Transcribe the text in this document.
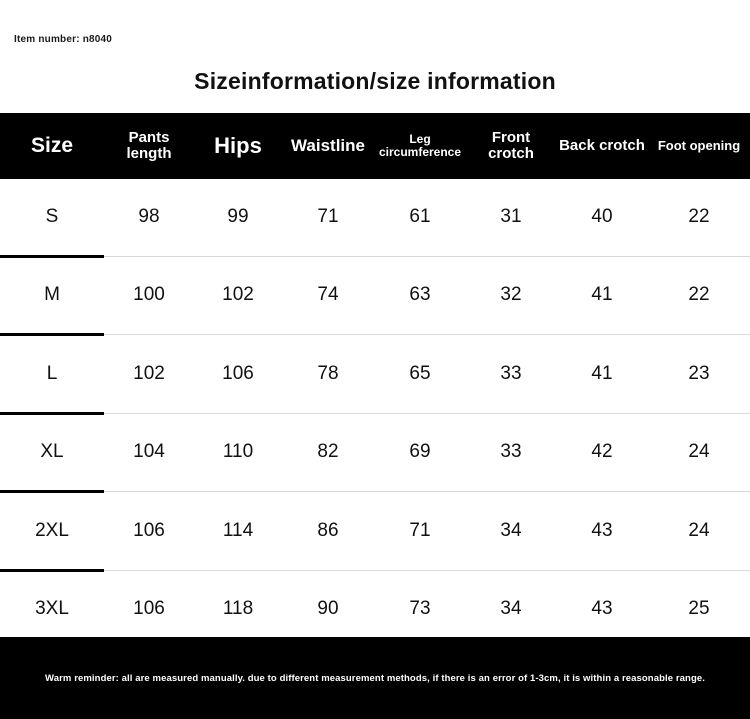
Item number: n8040
Sizeinformation/size information
Size	Pants length	Hips	Waistline	Leg circumference	Front crotch	Back crotch	Foot opening
S	98	99	71	61	31	40	22
M	100	102	74	63	32	41	22
L	102	106	78	65	33	41	23
XL	104	110	82	69	33	42	24
2XL	106	114	86	71	34	43	24
3XL	106	118	90	73	34	43	25
Warm reminder: all are measured manually. due to different measurement methods, if there is an error of 1-3cm, it is within a reasonable range.
